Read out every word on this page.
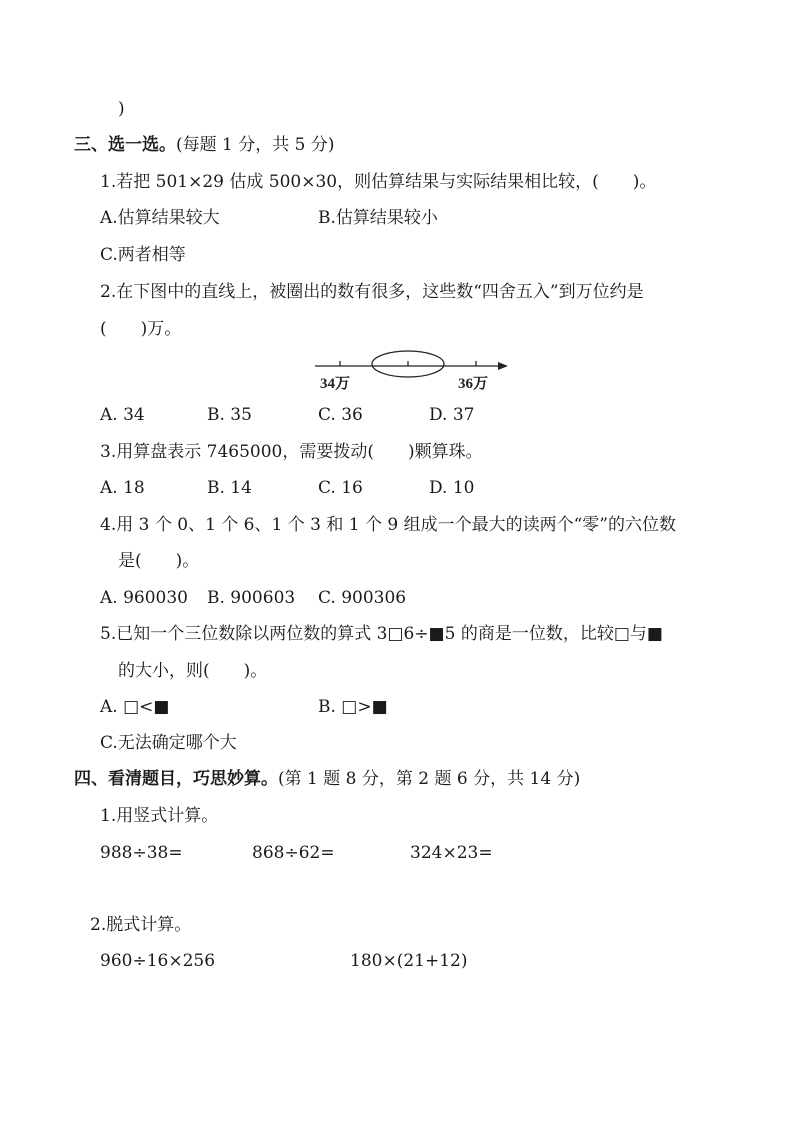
)
三、选一选。(每题 1 分，共 5 分)
1.若把 501×29 估成 500×30，则估算结果与实际结果相比较，(　　)。
A.估算结果较大	B.估算结果较小
C.两者相等
2.在下图中的直线上，被圈出的数有很多，这些数“四舍五入”到万位约是
(　　)万。
34万	36万
A. 34	B. 35	C. 36	D. 37
3.用算盘表示 7465000，需要拨动(　　)颗算珠。
A. 18	B. 14	C. 16	D. 10
4.用 3 个 0、1 个 6、1 个 3 和 1 个 9 组成一个最大的读两个“零”的六位数
是(　　)。
A. 960030 B. 900603 C. 900306
5.已知一个三位数除以两位数的算式 3□6÷■5 的商是一位数，比较□与■
的大小，则(　　)。
A. □<■	B. □>■
C.无法确定哪个大
四、看清题目，巧思妙算。(第 1 题 8 分，第 2 题 6 分，共 14 分)
1.用竖式计算。
988÷38=	868÷62=	324×23=
2.脱式计算。
960÷16×256	180×(21+12)
